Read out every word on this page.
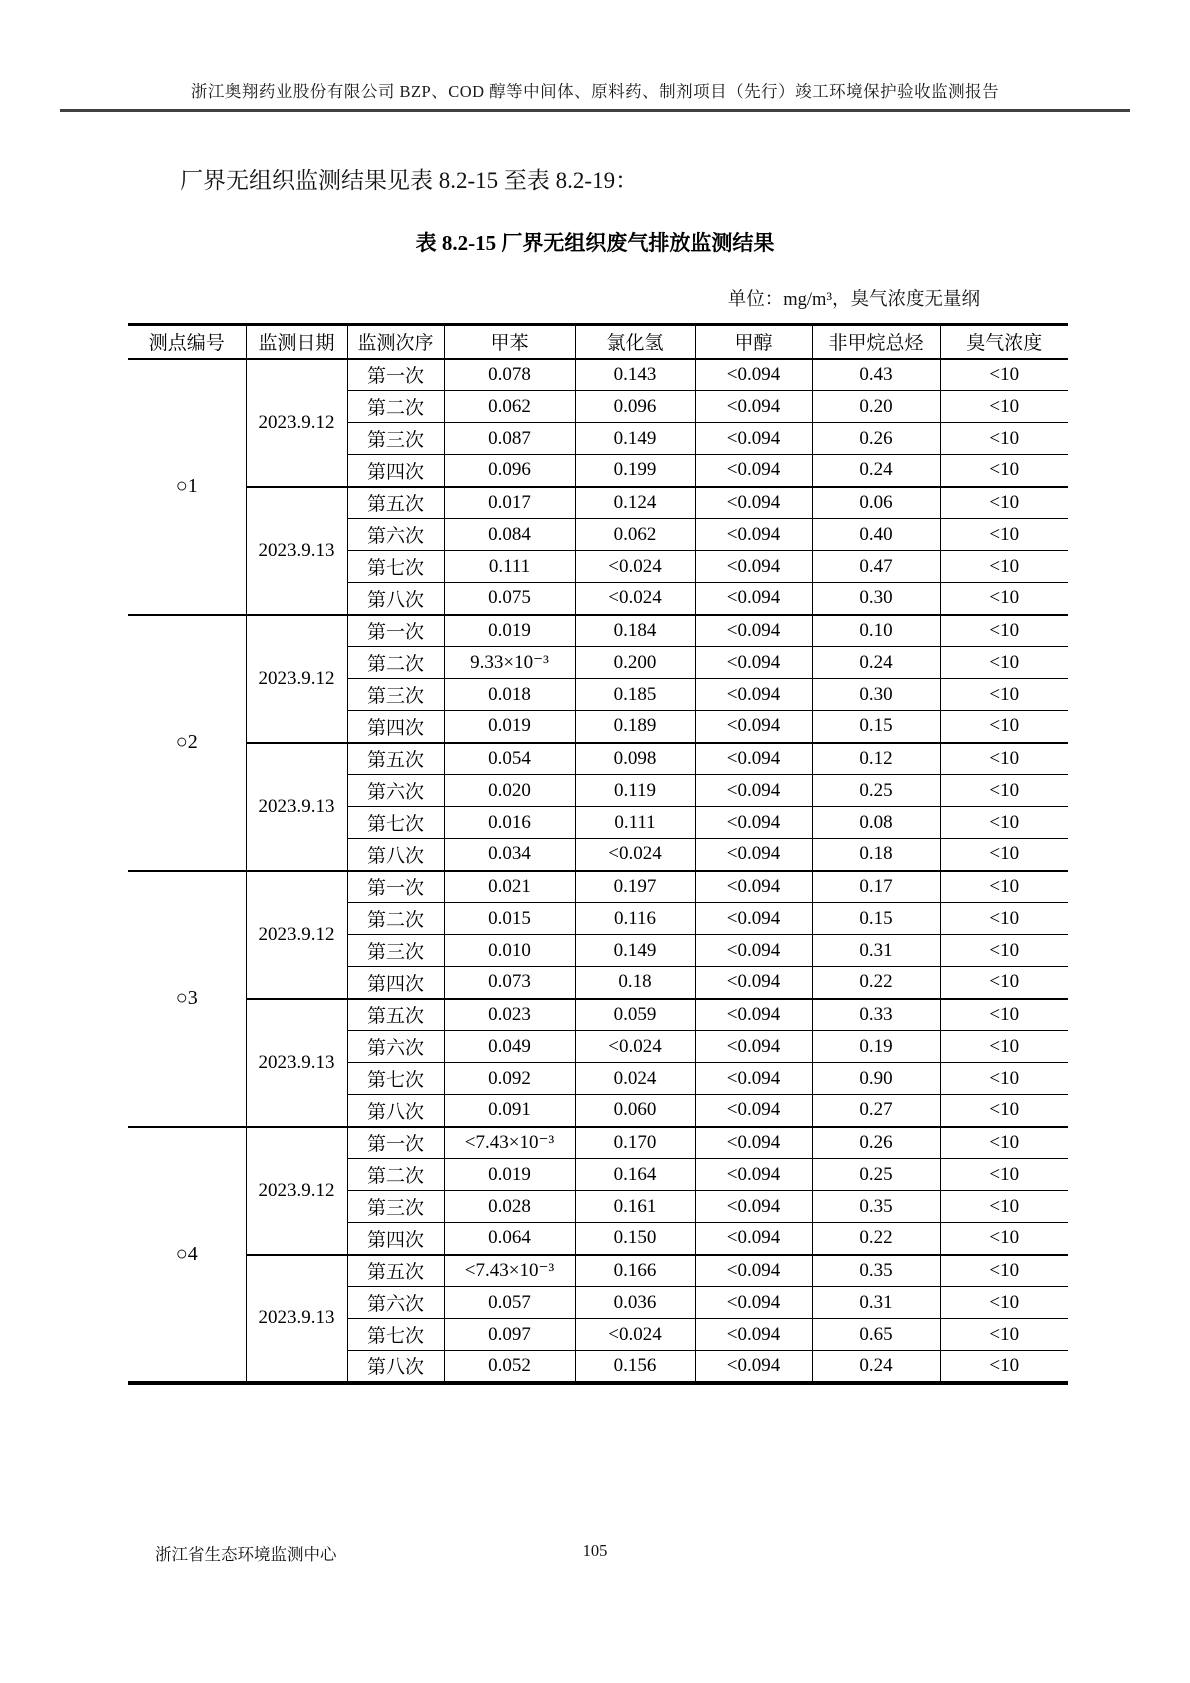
浙江奥翔药业股份有限公司 BZP、COD 醇等中间体、原料药、制剂项目（先行）竣工环境保护验收监测报告
厂界无组织监测结果见表 8.2-15 至表 8.2-19：
表 8.2-15 厂界无组织废气排放监测结果
单位：mg/m³，臭气浓度无量纲
测点编号	监测日期	监测次序	甲苯	氯化氢	甲醇	非甲烷总烃	臭气浓度
○1	2023.9.12	第一次	0.078	0.143	<0.094	0.43	<10
		第二次	0.062	0.096	<0.094	0.20	<10
		第三次	0.087	0.149	<0.094	0.26	<10
		第四次	0.096	0.199	<0.094	0.24	<10
	2023.9.13	第五次	0.017	0.124	<0.094	0.06	<10
		第六次	0.084	0.062	<0.094	0.40	<10
		第七次	0.111	<0.024	<0.094	0.47	<10
		第八次	0.075	<0.024	<0.094	0.30	<10
○2	2023.9.12	第一次	0.019	0.184	<0.094	0.10	<10
		第二次	9.33×10⁻³	0.200	<0.094	0.24	<10
		第三次	0.018	0.185	<0.094	0.30	<10
		第四次	0.019	0.189	<0.094	0.15	<10
	2023.9.13	第五次	0.054	0.098	<0.094	0.12	<10
		第六次	0.020	0.119	<0.094	0.25	<10
		第七次	0.016	0.111	<0.094	0.08	<10
		第八次	0.034	<0.024	<0.094	0.18	<10
○3	2023.9.12	第一次	0.021	0.197	<0.094	0.17	<10
		第二次	0.015	0.116	<0.094	0.15	<10
		第三次	0.010	0.149	<0.094	0.31	<10
		第四次	0.073	0.18	<0.094	0.22	<10
	2023.9.13	第五次	0.023	0.059	<0.094	0.33	<10
		第六次	0.049	<0.024	<0.094	0.19	<10
		第七次	0.092	0.024	<0.094	0.90	<10
		第八次	0.091	0.060	<0.094	0.27	<10
○4	2023.9.12	第一次	<7.43×10⁻³	0.170	<0.094	0.26	<10
		第二次	0.019	0.164	<0.094	0.25	<10
		第三次	0.028	0.161	<0.094	0.35	<10
		第四次	0.064	0.150	<0.094	0.22	<10
	2023.9.13	第五次	<7.43×10⁻³	0.166	<0.094	0.35	<10
		第六次	0.057	0.036	<0.094	0.31	<10
		第七次	0.097	<0.024	<0.094	0.65	<10
		第八次	0.052	0.156	<0.094	0.24	<10
浙江省生态环境监测中心	105
